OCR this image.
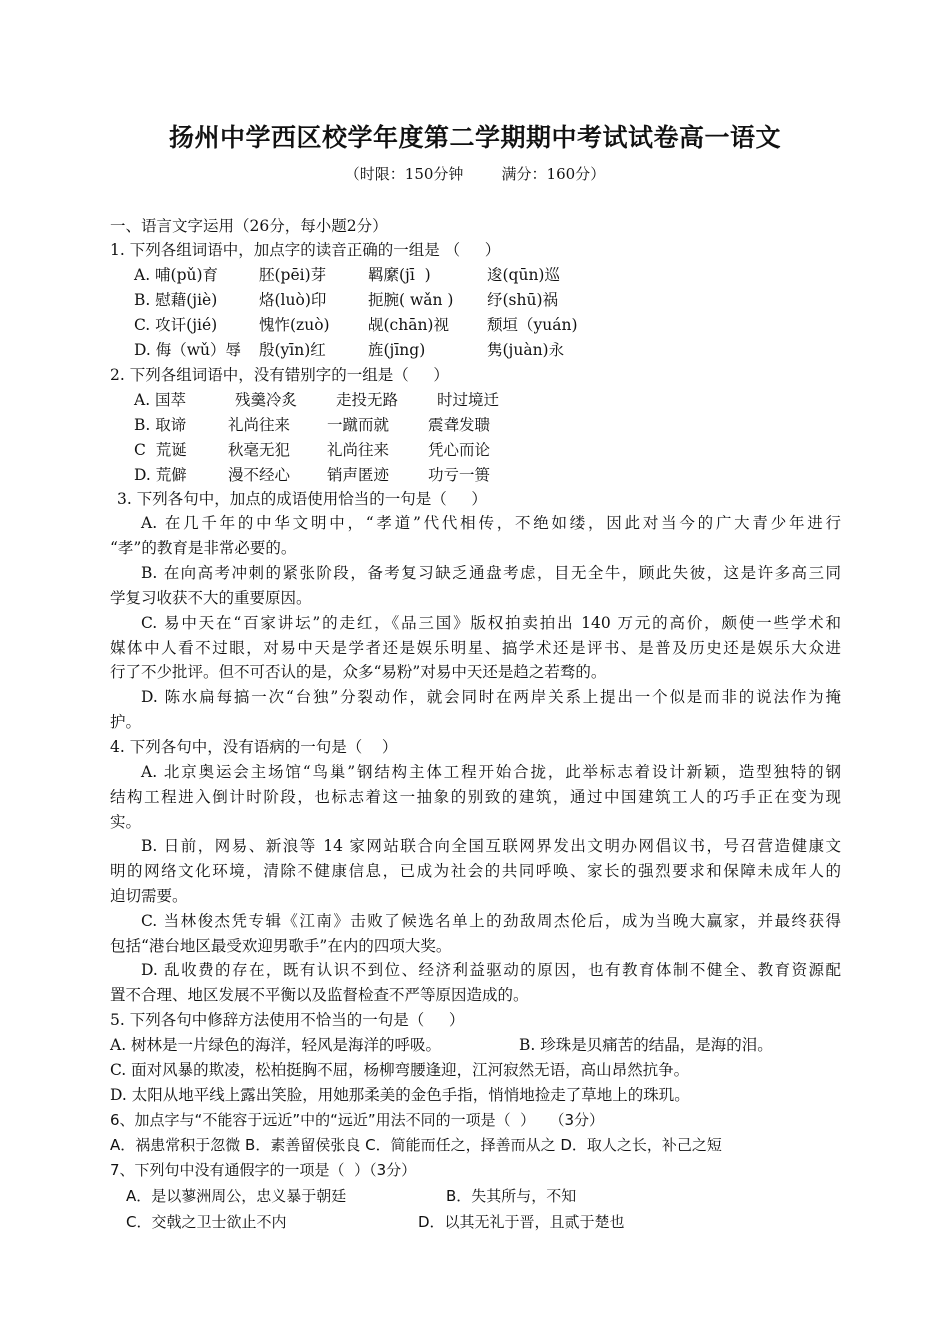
扬州中学西区校学年度第二学期期中考试试卷高一语文
（时限：150分钟        满分：160分）
一、语言文字运用（26分，每小题2分）
1. 下列各组词语中，加点字的读音正确的一组是 （     ）
A. 哺(pǔ)育	胚(pēi)芽	羁縻(jī  )	逡(qūn)巡
B. 慰藉(jiè)	烙(luò)印	扼腕( wǎn ) 纾(shū)祸
C. 攻讦(jié)	愧怍(zuò) 觇(chān)视 颓垣（yuán)
D. 侮（wǔ）辱 殷(yīn)红	旌(jīng)	隽(juàn)永
2. 下列各组词语中，没有错别字的一组是（     ）
A. 国萃	残羹冷炙	走投无路	时过境迁
B. 取谛	礼尚往来 一蹴而就	震聋发聩
C  荒诞	秋毫无犯 礼尚往来	凭心而论
D. 荒僻	漫不经心 销声匿迹	功亏一篑
3. 下列各句中，加点的成语使用恰当的一句是（     ）
A. 在几千年的中华文明中，“孝道”代代相传，不绝如缕，因此对当今的广大青少年进行
“孝”的教育是非常必要的。
B. 在向高考冲刺的紧张阶段，备考复习缺乏通盘考虑，目无全牛，顾此失彼，这是许多高三同
学复习收获不大的重要原因。
C. 易中天在“百家讲坛”的走红，《品三国》版权拍卖拍出 140 万元的高价，颇使一些学术和
媒体中人看不过眼，对易中天是学者还是娱乐明星、搞学术还是评书、是普及历史还是娱乐大众进
行了不少批评。但不可否认的是，众多“易粉”对易中天还是趋之若骛的。
D. 陈水扁每搞一次“台独”分裂动作，就会同时在两岸关系上提出一个似是而非的说法作为掩
护。
4. 下列各句中，没有语病的一句是（    ）
A. 北京奥运会主场馆“鸟巢”钢结构主体工程开始合拢，此举标志着设计新颖，造型独特的钢
结构工程进入倒计时阶段，也标志着这一抽象的别致的建筑，通过中国建筑工人的巧手正在变为现
实。
B. 日前，网易、新浪等 14 家网站联合向全国互联网界发出文明办网倡议书，号召营造健康文
明的网络文化环境，清除不健康信息，已成为社会的共同呼唤、家长的强烈要求和保障未成年人的
迫切需要。
C. 当林俊杰凭专辑《江南》击败了候选名单上的劲敌周杰伦后，成为当晚大赢家，并最终获得
包括“港台地区最受欢迎男歌手”在内的四项大奖。
D. 乱收费的存在，既有认识不到位、经济利益驱动的原因，也有教育体制不健全、教育资源配
置不合理、地区发展不平衡以及监督检查不严等原因造成的。
5. 下列各句中修辞方法使用不恰当的一句是（     ）
A. 树林是一片绿色的海洋，轻风是海洋的呼吸。	B. 珍珠是贝痛苦的结晶，是海的泪。
C. 面对风暴的欺凌，松柏挺胸不屈，杨柳弯腰逢迎，江河寂然无语，高山昂然抗争。
D. 太阳从地平线上露出笑脸，用她那柔美的金色手指，悄悄地捡走了草地上的珠玑。
6、加点字与“不能容于远近”中的“远近”用法不同的一项是（  ）   （3分）
A．祸患常积于忽微 B．素善留侯张良 C．简能而任之，择善而从之 D．取人之长，补己之短
7、下列句中没有通假字的一项是（  ）（3分）
A．是以蓼洲周公，忠义暴于朝廷	B．失其所与，不知
C．交戟之卫士欲止不内	D．以其无礼于晋，且贰于楚也
